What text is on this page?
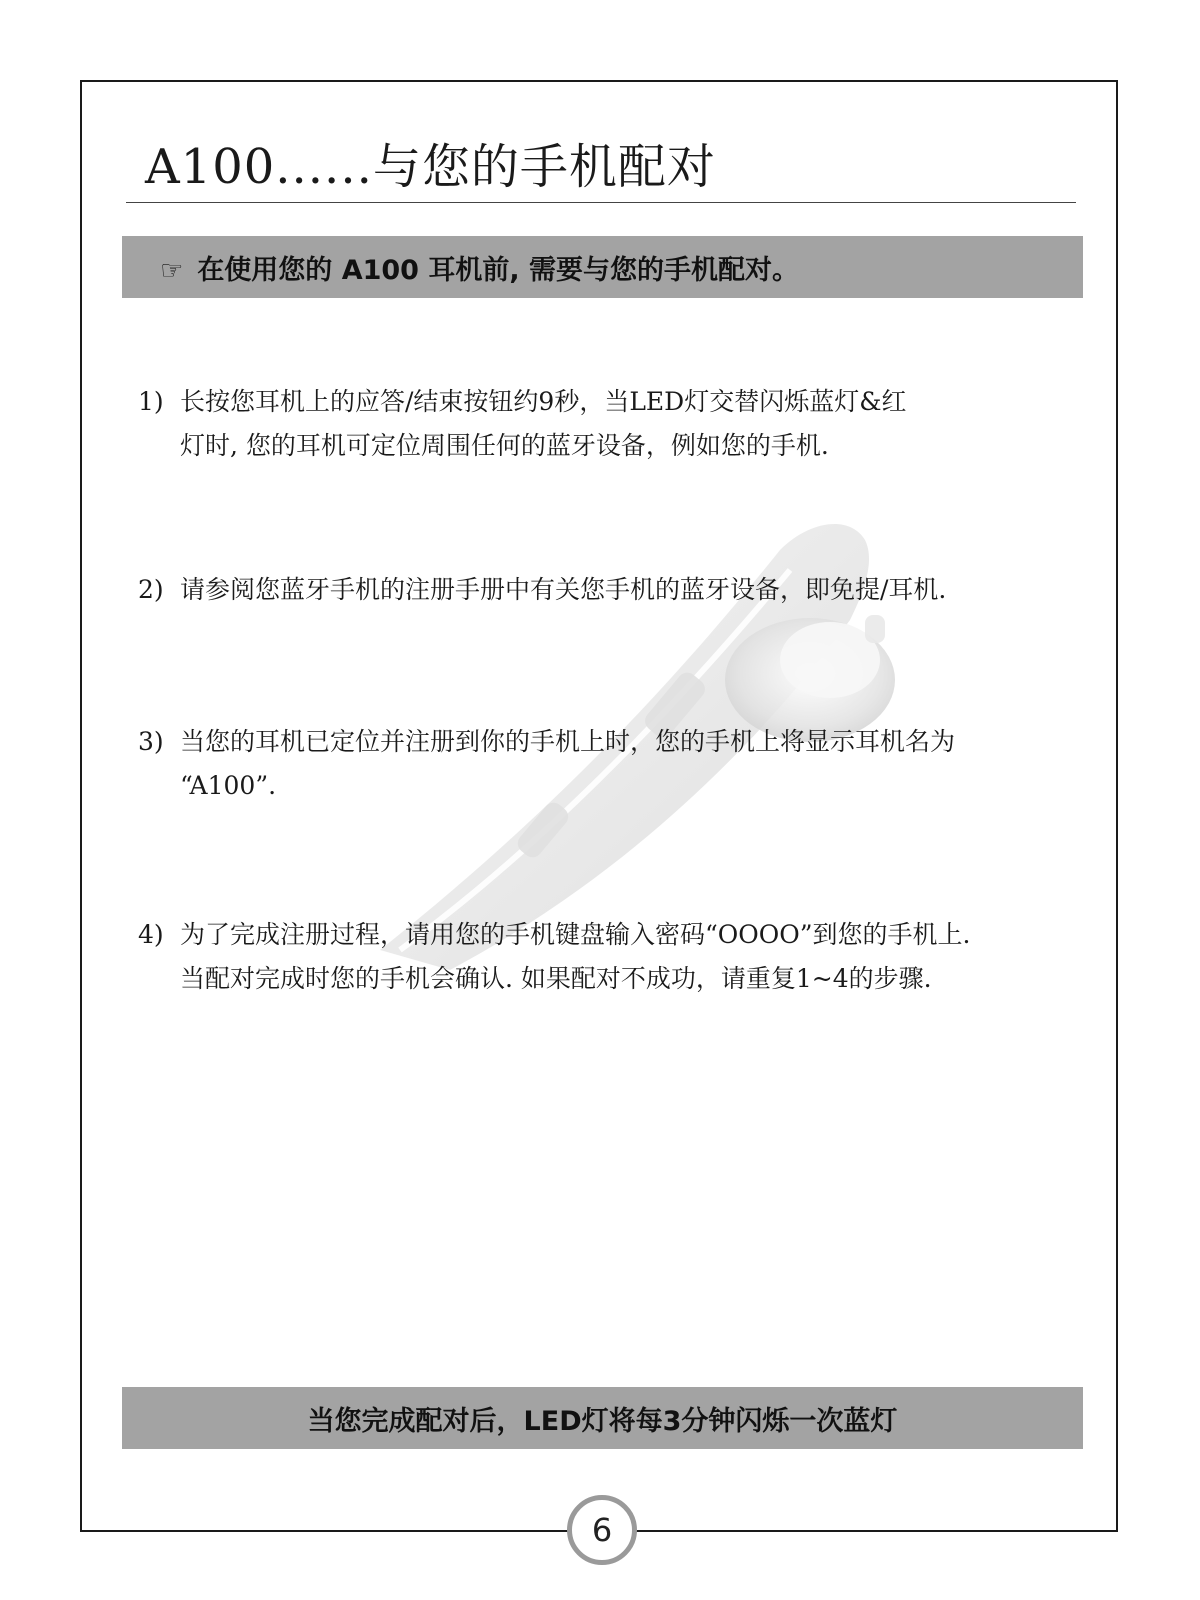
A100......与您的手机配对
☞ 在使用您的 A100 耳机前, 需要与您的手机配对。
1) 长按您耳机上的应答/结束按钮约9秒，当LED灯交替闪烁蓝灯&红
灯时, 您的耳机可定位周围任何的蓝牙设备，例如您的手机.
2) 请参阅您蓝牙手机的注册手册中有关您手机的蓝牙设备，即免提/耳机.
3) 当您的耳机已定位并注册到你的手机上时，您的手机上将显示耳机名为
“A100”.
4) 为了完成注册过程，请用您的手机键盘输入密码“OOOO”到您的手机上.
当配对完成时您的手机会确认. 如果配对不成功，请重复1~4的步骤.
当您完成配对后，LED灯将每3分钟闪烁一次蓝灯
6
